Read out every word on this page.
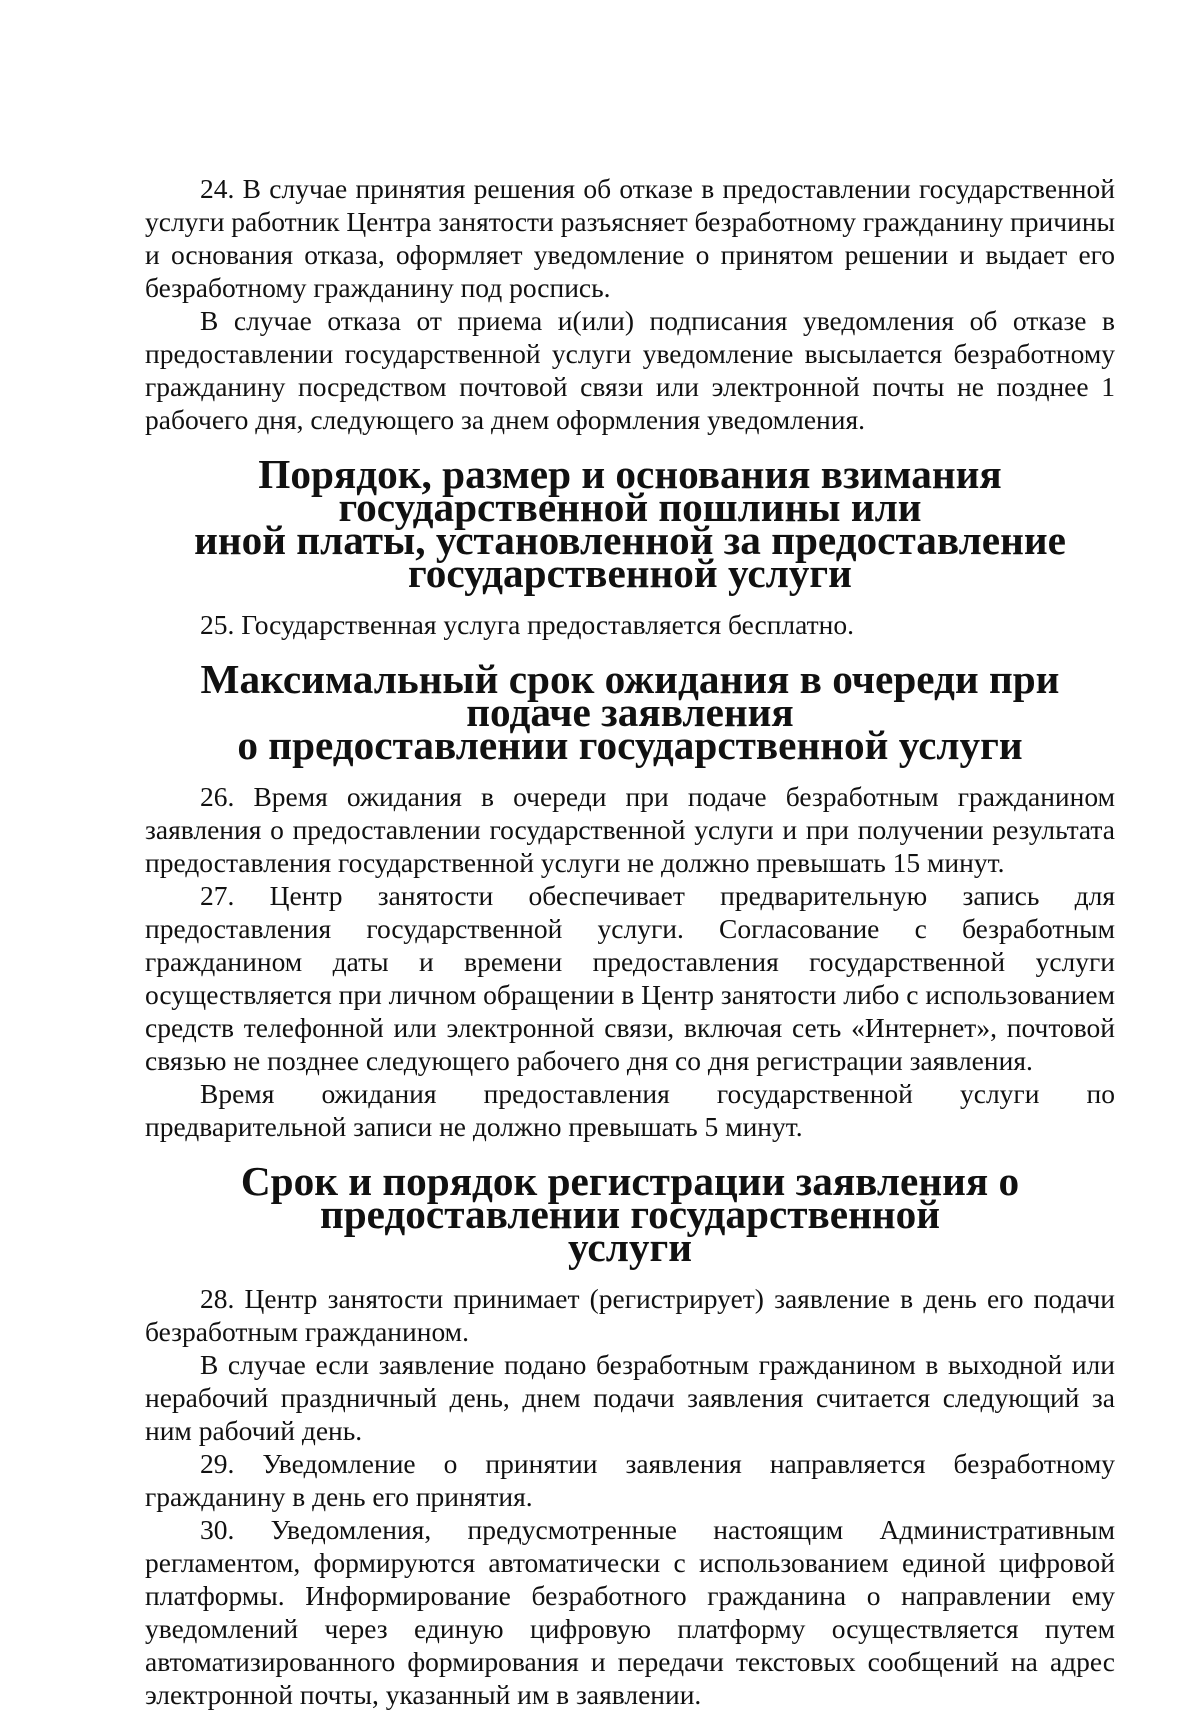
24. В случае принятия решения об отказе в предоставлении государственной услуги работник Центра занятости разъясняет безработному гражданину причины и основания отказа, оформляет уведомление о принятом решении и выдает его безработному гражданину под роспись.

В случае отказа от приема и(или) подписания уведомления об отказе в предоставлении государственной услуги уведомление высылается безработному гражданину посредством почтовой связи или электронной почты не позднее 1 рабочего дня, следующего за днем оформления уведомления.

Порядок, размер и основания взимания государственной пошлины или
иной платы, установленной за предоставление государственной услуги

25. Государственная услуга предоставляется бесплатно.

Максимальный срок ожидания в очереди при подаче заявления
о предоставлении государственной услуги

26. Время ожидания в очереди при подаче безработным гражданином заявления о предоставлении государственной услуги и при получении результата предоставления государственной услуги не должно превышать 15 минут.

27. Центр занятости обеспечивает предварительную запись для предоставления государственной услуги. Согласование с безработным гражданином даты и времени предоставления государственной услуги осуществляется при личном обращении в Центр занятости либо с использованием средств телефонной или электронной связи, включая сеть «Интернет», почтовой связью не позднее следующего рабочего дня со дня регистрации заявления.

Время ожидания предоставления государственной услуги по предварительной записи не должно превышать 5 минут.

Срок и порядок регистрации заявления о предоставлении государственной
услуги

28. Центр занятости принимает (регистрирует) заявление в день его подачи безработным гражданином.

В случае если заявление подано безработным гражданином в выходной или нерабочий праздничный день, днем подачи заявления считается следующий за ним рабочий день.

29. Уведомление о принятии заявления направляется безработному гражданину в день его принятия.

30. Уведомления, предусмотренные настоящим Административным регламентом, формируются автоматически с использованием единой цифровой платформы. Информирование безработного гражданина о направлении ему уведомлений через единую цифровую платформу осуществляется путем автоматизированного формирования и передачи текстовых сообщений на адрес электронной почты, указанный им в заявлении.
